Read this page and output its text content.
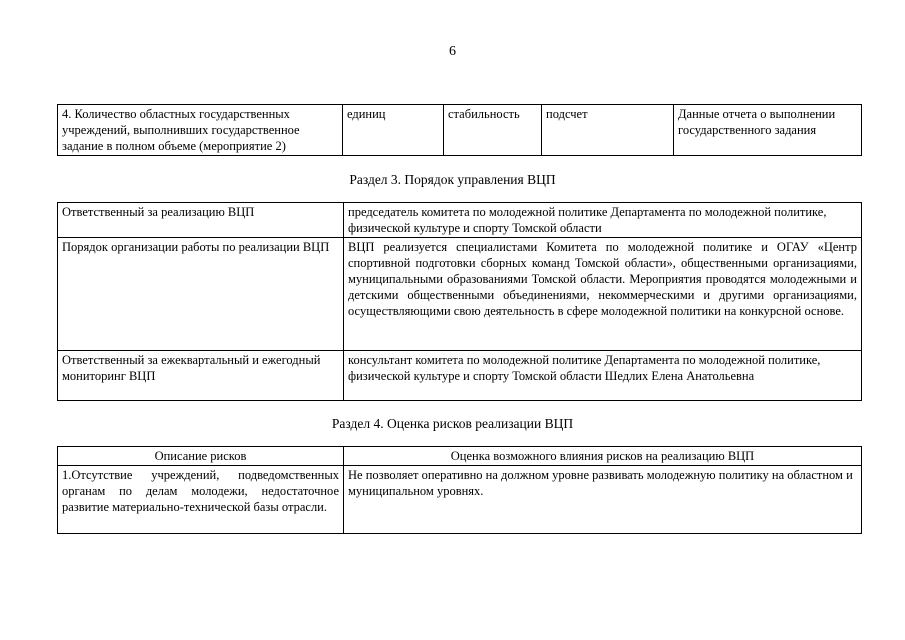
6
4. Количество областных государственных учреждений, выполнивших государственное задание в полном объеме (мероприятие 2)	единиц	стабильность	подсчет	Данные отчета о выполнении государственного задания
Раздел 3. Порядок управления ВЦП
Ответственный за реализацию ВЦП	председатель комитета по молодежной политике Департамента по молодежной политике, физической культуре и спорту Томской области
Порядок организации работы по реализации ВЦП	ВЦП реализуется специалистами Комитета по молодежной политике и ОГАУ «Центр спортивной подготовки сборных команд Томской области», общественными организациями, муниципальными образованиями Томской области. Мероприятия проводятся молодежными и детскими общественными объединениями, некоммерческими и другими организациями, осуществляющими свою деятельность в сфере молодежной политики на конкурсной основе.
Ответственный за ежеквартальный и ежегодный мониторинг ВЦП	консультант комитета по молодежной политике Департамента по молодежной политике, физической культуре и спорту Томской области Шедлих Елена Анатольевна
Раздел 4. Оценка рисков реализации ВЦП
Описание рисков	Оценка возможного влияния рисков на реализацию ВЦП
1.Отсутствие учреждений, подведомственных органам по делам молодежи, недостаточное развитие материально-технической базы отрасли.	Не позволяет оперативно на должном уровне развивать молодежную политику на областном и муниципальном уровнях.
